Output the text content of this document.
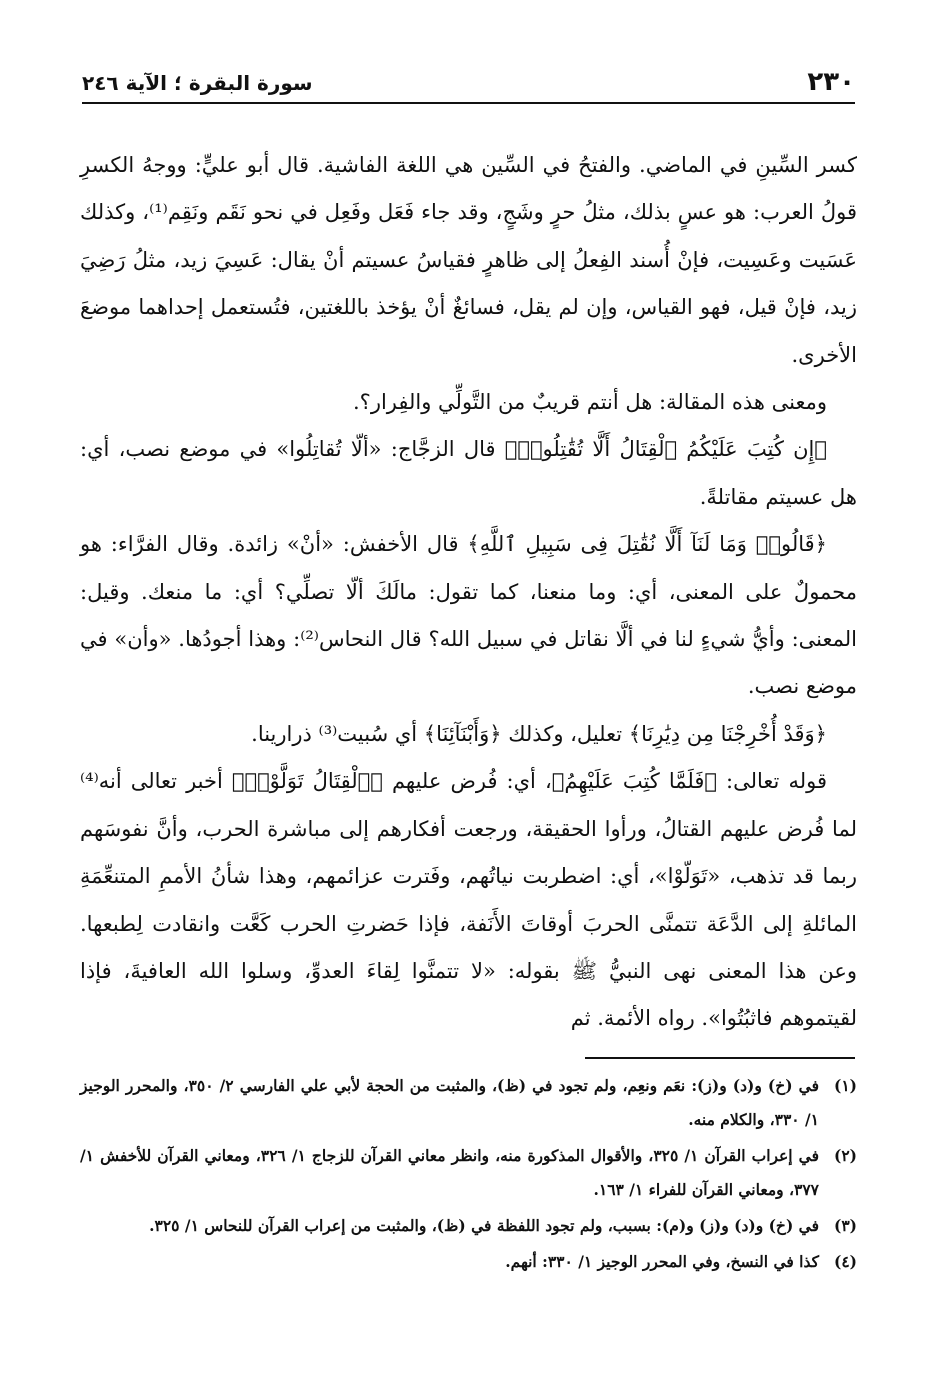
٢٣٠
سورة البقرة ؛ الآية ٢٤٦

كسر السِّينِ في الماضي. والفتحُ في السِّين هي اللغة الفاشية. قال أبو عليٍّ: ووجهُ الكسرِ قولُ العرب: هو عسٍ بذلك، مثلُ حرٍ وشَجٍ، وقد جاء فَعَل وفَعِل في نحو نَقَم ونَقِم⁽¹⁾، وكذلك عَسَيت وعَسِيت، فإنْ أُسند الفِعلُ إلى ظاهرٍ فقياسُ عسيتم أنْ يقال: عَسِيَ زيد، مثلُ رَضِيَ زيد، فإنْ قيل، فهو القياس، وإن لم يقل، فسائغٌ أنْ يؤخذ باللغتين، فتُستعمل إحداهما موضعَ الأخرى.

ومعنى هذه المقالة: هل أنتم قريبٌ من التَّولِّي والفِرار؟.

﴿إِن كُتِبَ عَلَيْكُمُ ٱلْقِتَالُ أَلَّا تُقَٰتِلُوا۟﴾ قال الزجَّاج: «ألّا تُقاتِلُوا» في موضع نصب، أي: هل عسيتم مقاتلةً.

﴿قَالُوا۟ وَمَا لَنَآ أَلَّا نُقَٰتِلَ فِى سَبِيلِ ٱللَّهِ﴾ قال الأخفش: «أنْ» زائدة. وقال الفرَّاء: هو محمولٌ على المعنى، أي: وما منعنا، كما تقول: مالَكَ ألّا تصلِّي؟ أي: ما منعك. وقيل: المعنى: وأيُّ شيءٍ لنا في ألَّا نقاتل في سبيل الله؟ قال النحاس⁽²⁾: وهذا أجودُها. «وأن» في موضع نصب.

﴿وَقَدْ أُخْرِجْنَا مِن دِيَٰرِنَا﴾ تعليل، وكذلك ﴿وَأَبْنَآئِنَا﴾ أي سُبيت⁽³⁾ ذرارينا.

قوله تعالى: ﴿فَلَمَّا كُتِبَ عَلَيْهِمُ﴾، أي: فُرض عليهم ﴿ٱلْقِتَالُ تَوَلَّوْا۟﴾ أخبر تعالى أنه⁽⁴⁾ لما فُرض عليهم القتالُ، ورأوا الحقيقة، ورجعت أفكارهم إلى مباشرة الحرب، وأنَّ نفوسَهم ربما قد تذهب، «تَوَلّوْا»، أي: اضطربت نياتُهم، وفَترت عزائمهم، وهذا شأنُ الأممِ المتنعِّمَةِ المائلةِ إلى الدَّعَة تتمنَّى الحربَ أوقاتَ الأَنَفة، فإذا حَضرتِ الحرب كَعَّت وانقادت لِطبعها. وعن هذا المعنى نهى النبيُّ ﷺ بقوله: «لا تتمنَّوا لِقاءَ العدوِّ، وسلوا الله العافيةَ، فإذا لقيتموهم فاثبُتُوا». رواه الأئمة. ثم

(١)
في (خ) و(د) و(ز): نعَم ونعِم، ولم تجود في (ظ)، والمثبت من الحجة لأبي علي الفارسي ٢/ ٣٥٠، والمحرر الوجيز ١/ ٣٣٠، والكلام منه.
(٢)
في إعراب القرآن ١/ ٣٢٥، والأقوال المذكورة منه، وانظر معاني القرآن للزجاج ١/ ٣٢٦، ومعاني القرآن للأخفش ١/ ٣٧٧، ومعاني القرآن للفراء ١/ ١٦٣.
(٣)
في (خ) و(د) و(ز) و(م): بسبب، ولم تجود اللفظة في (ظ)، والمثبت من إعراب القرآن للنحاس ١/ ٣٢٥.
(٤)
كذا في النسخ، وفي المحرر الوجيز ١/ ٣٣٠: أنهم.
